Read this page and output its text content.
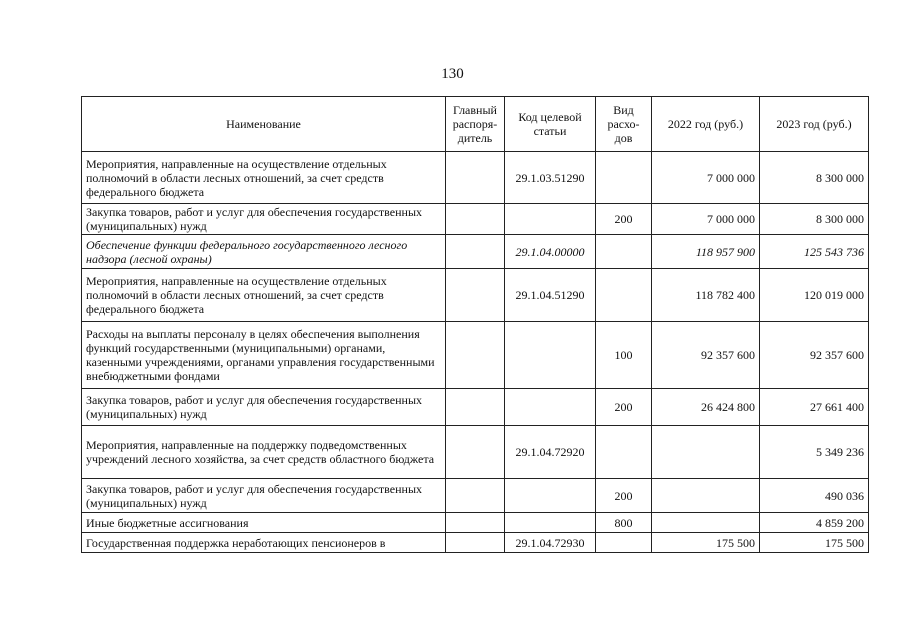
130
Наименование	Главный распоря-дитель	Код целевой статьи	Вид расхо-дов	2022 год (руб.)	2023 год (руб.)
Мероприятия, направленные на осуществление отдельных полномочий в области лесных отношений, за счет средств федерального бюджета		29.1.03.51290		7 000 000	8 300 000
Закупка товаров, работ и услуг для обеспечения государственных (муниципальных) нужд			200	7 000 000	8 300 000
Обеспечение функции федерального государственного лесного надзора (лесной охраны)		29.1.04.00000		118 957 900	125 543 736
Мероприятия, направленные на осуществление отдельных полномочий в области лесных отношений, за счет средств федерального бюджета		29.1.04.51290		118 782 400	120 019 000
Расходы на выплаты персоналу в целях обеспечения выполнения функций государственными (муниципальными) органами, казенными учреждениями, органами управления государственными внебюджетными фондами			100	92 357 600	92 357 600
Закупка товаров, работ и услуг для обеспечения государственных (муниципальных) нужд			200	26 424 800	27 661 400
Мероприятия, направленные на поддержку подведомственных учреждений лесного хозяйства, за счет средств областного бюджета		29.1.04.72920			5 349 236
Закупка товаров, работ и услуг для обеспечения государственных (муниципальных) нужд			200		490 036
Иные бюджетные ассигнования			800		4 859 200
Государственная поддержка неработающих пенсионеров в		29.1.04.72930		175 500	175 500
